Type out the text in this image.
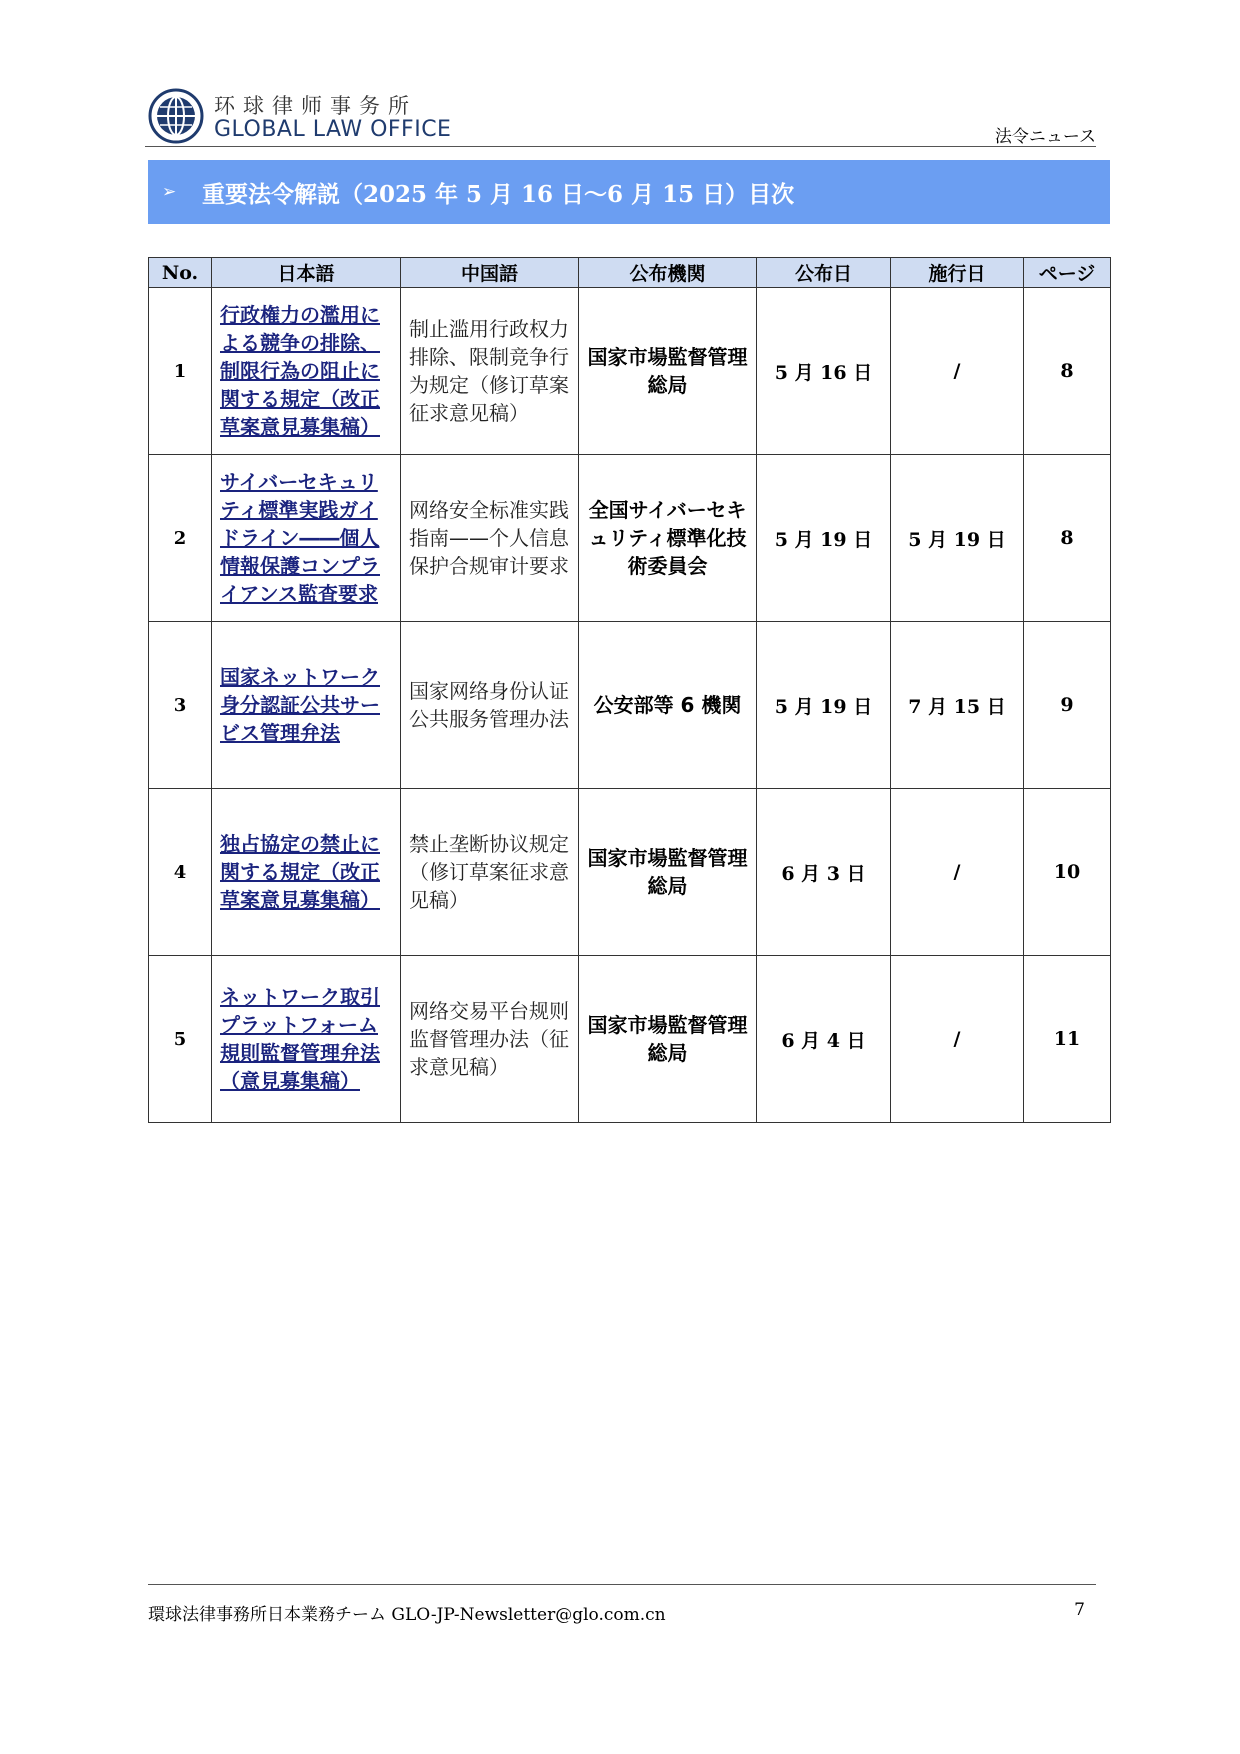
环球律师事务所
GLOBAL LAW OFFICE	法令ニュース
➢	重要法令解説（2025 年 5 月 16 日～6 月 15 日）目次
No.	日本語	中国語	公布機関	公布日	施行日	ページ
1	行政権力の濫用による競争の排除、制限行為の阻止に関する規定（改正草案意見募集稿）	制止滥用行政权力排除、限制竞争行为规定（修订草案征求意见稿）	国家市場監督管理総局	5 月 16 日	/	8
2	サイバーセキュリティ標準実践ガイドライン――個人情報保護コンプライアンス監査要求	网络安全标准实践指南——个人信息保护合规审计要求	全国サイバーセキュリティ標準化技術委員会	5 月 19 日	5 月 19 日	8
3	国家ネットワーク身分認証公共サービス管理弁法	国家网络身份认证公共服务管理办法	公安部等 6 機関	5 月 19 日	7 月 15 日	9
4	独占協定の禁止に関する規定（改正草案意見募集稿）	禁止垄断协议规定（修订草案征求意见稿）	国家市場監督管理総局	6 月 3 日	/	10
5	ネットワーク取引プラットフォーム規則監督管理弁法（意見募集稿）	网络交易平台规则监督管理办法（征求意见稿）	国家市場監督管理総局	6 月 4 日	/	11
環球法律事務所日本業務チーム GLO-JP-Newsletter@glo.com.cn	7
